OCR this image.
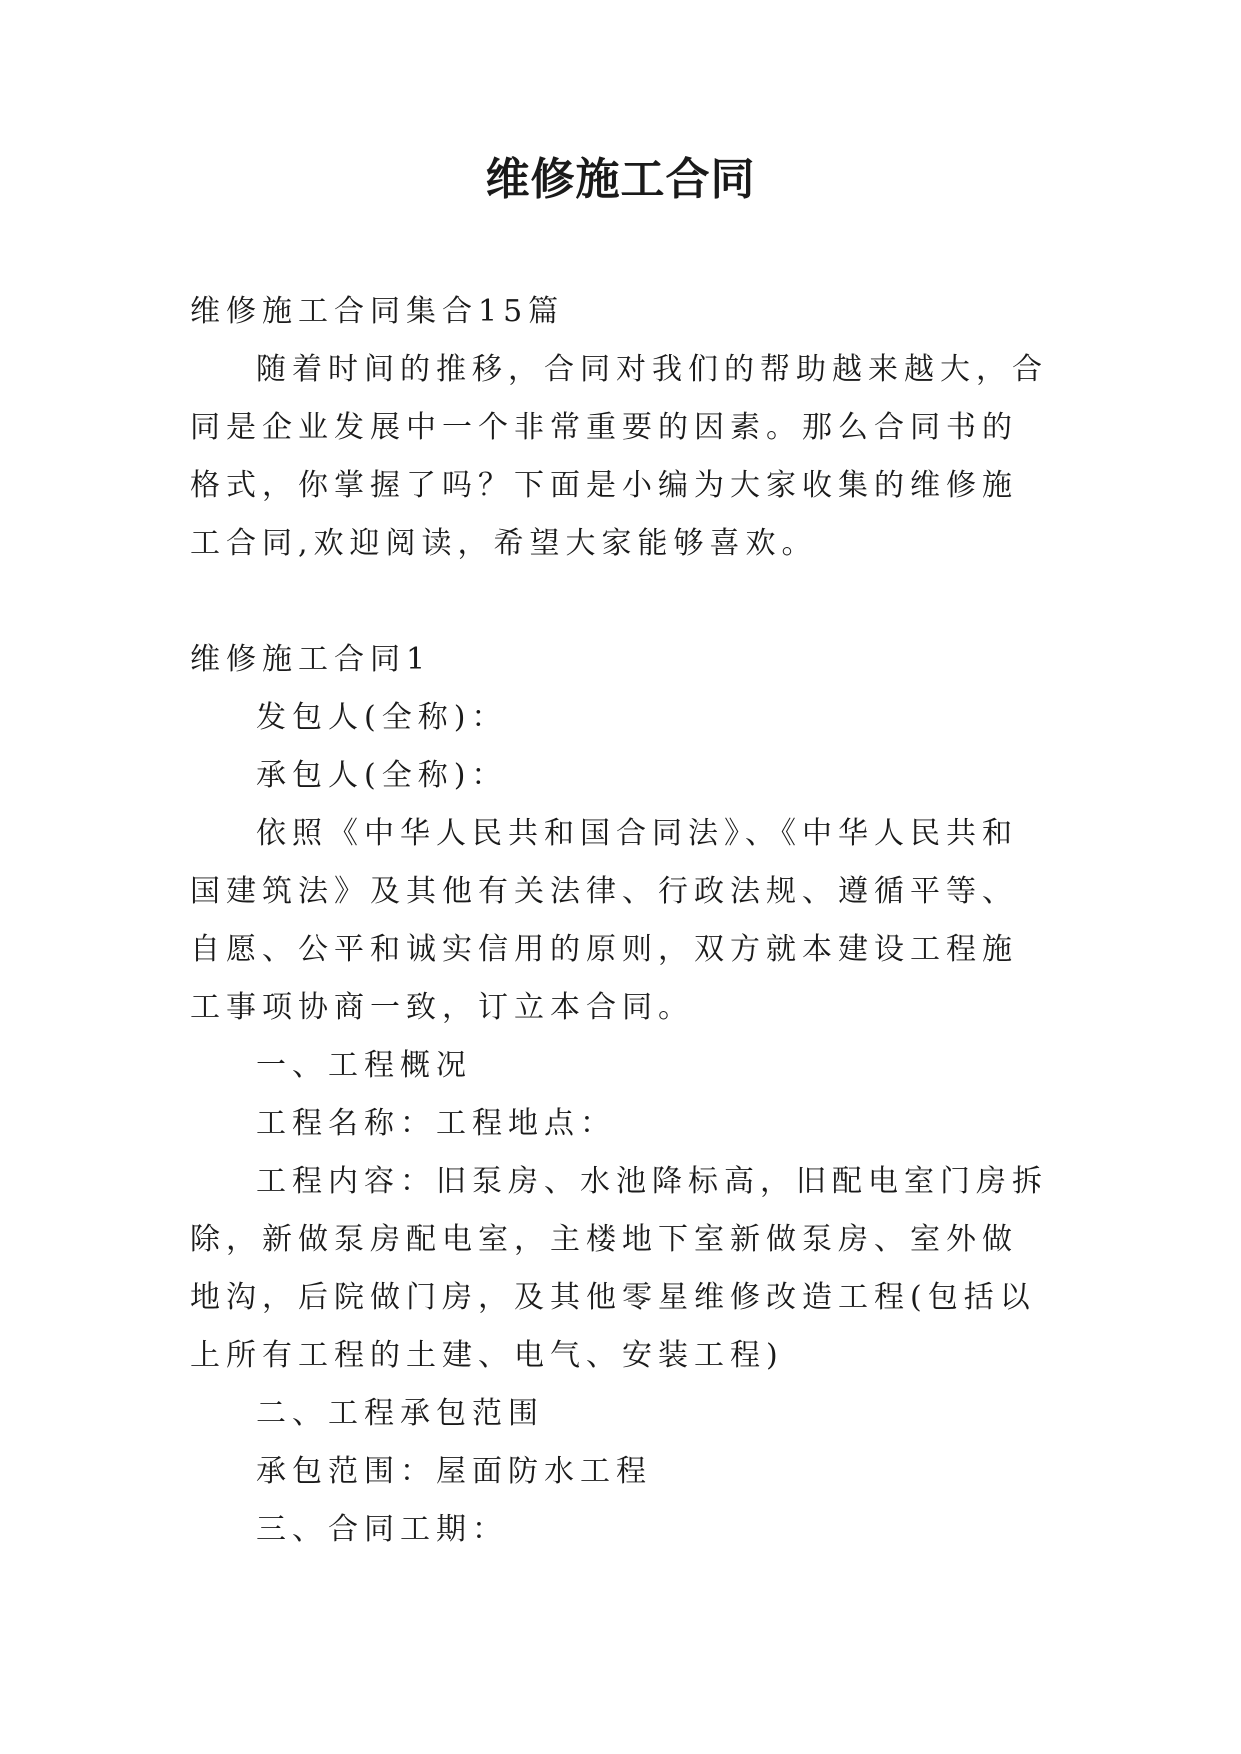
维修施工合同

维修施工合同集合15篇

随着时间的推移，合同对我们的帮助越来越大，合同是企业发展中一个非常重要的因素。那么合同书的格式，你掌握了吗？下面是小编为大家收集的维修施工合同,欢迎阅读，希望大家能够喜欢。

维修施工合同1

发包人(全称)：

承包人(全称)：

依照《中华人民共和国合同法》、《中华人民共和国建筑法》及其他有关法律、行政法规、遵循平等、自愿、公平和诚实信用的原则，双方就本建设工程施工事项协商一致，订立本合同。

一、工程概况

工程名称：工程地点：

工程内容：旧泵房、水池降标高，旧配电室门房拆除，新做泵房配电室，主楼地下室新做泵房、室外做地沟，后院做门房，及其他零星维修改造工程(包括以上所有工程的土建、电气、安装工程)

二、工程承包范围

承包范围：屋面防水工程

三、合同工期：
